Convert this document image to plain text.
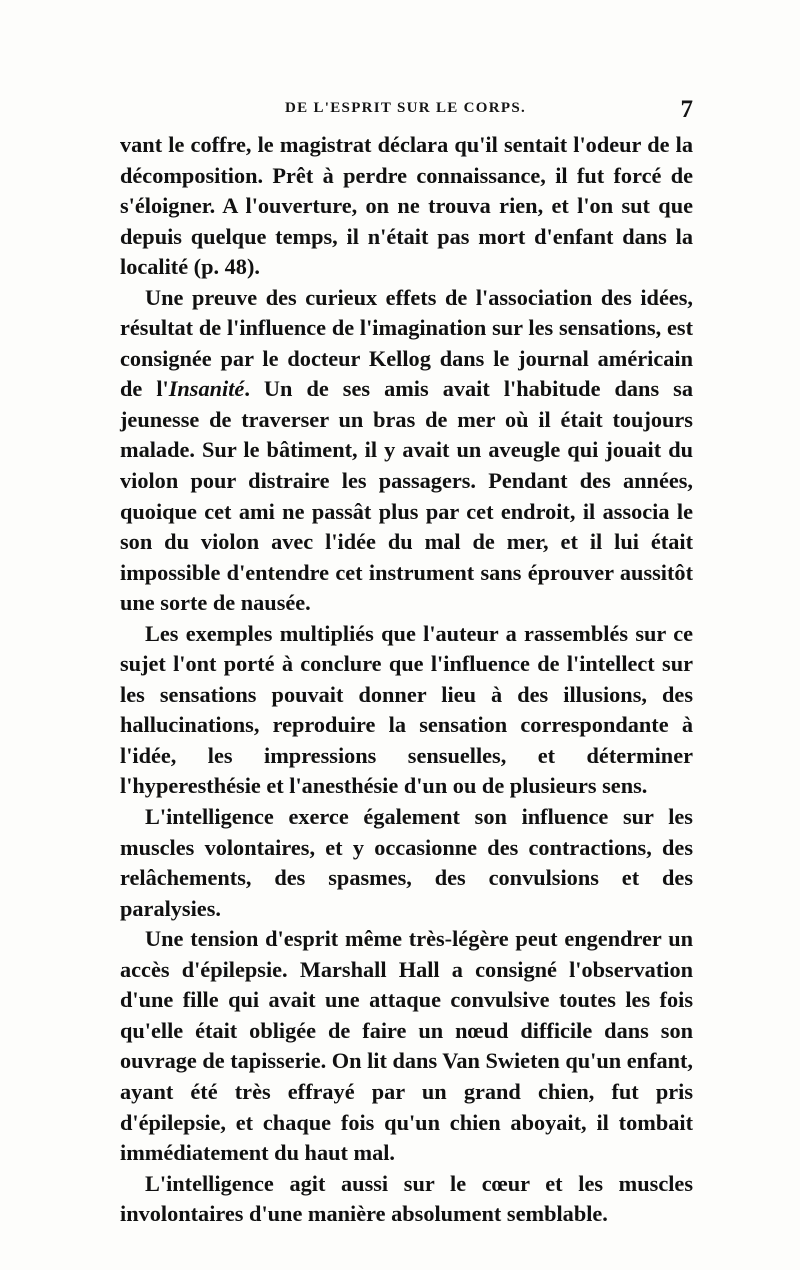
DE L'ESPRIT SUR LE CORPS.	7

vant le coffre, le magistrat déclara qu'il sentait l'odeur de la décomposition. Prêt à perdre connaissance, il fut forcé de s'éloigner. A l'ouverture, on ne trouva rien, et l'on sut que depuis quelque temps, il n'était pas mort d'enfant dans la localité (p. 48).

Une preuve des curieux effets de l'association des idées, résultat de l'influence de l'imagination sur les sensations, est consignée par le docteur Kellog dans le journal américain de l'Insanité. Un de ses amis avait l'habitude dans sa jeunesse de traverser un bras de mer où il était toujours malade. Sur le bâtiment, il y avait un aveugle qui jouait du violon pour distraire les passagers. Pendant des années, quoique cet ami ne passât plus par cet endroit, il associa le son du violon avec l'idée du mal de mer, et il lui était impossible d'entendre cet instrument sans éprouver aussitôt une sorte de nausée.

Les exemples multipliés que l'auteur a rassemblés sur ce sujet l'ont porté à conclure que l'influence de l'intellect sur les sensations pouvait donner lieu à des illusions, des hallucinations, reproduire la sensation correspondante à l'idée, les impressions sensuelles, et déterminer l'hyperesthésie et l'anesthésie d'un ou de plusieurs sens.

L'intelligence exerce également son influence sur les muscles volontaires, et y occasionne des contractions, des relâchements, des spasmes, des convulsions et des paralysies.

Une tension d'esprit même très-légère peut engendrer un accès d'épilepsie. Marshall Hall a consigné l'observation d'une fille qui avait une attaque convulsive toutes les fois qu'elle était obligée de faire un nœud difficile dans son ouvrage de tapisserie. On lit dans Van Swieten qu'un enfant, ayant été très effrayé par un grand chien, fut pris d'épilepsie, et chaque fois qu'un chien aboyait, il tombait immédiatement du haut mal.

L'intelligence agit aussi sur le cœur et les muscles involontaires d'une manière absolument semblable.
